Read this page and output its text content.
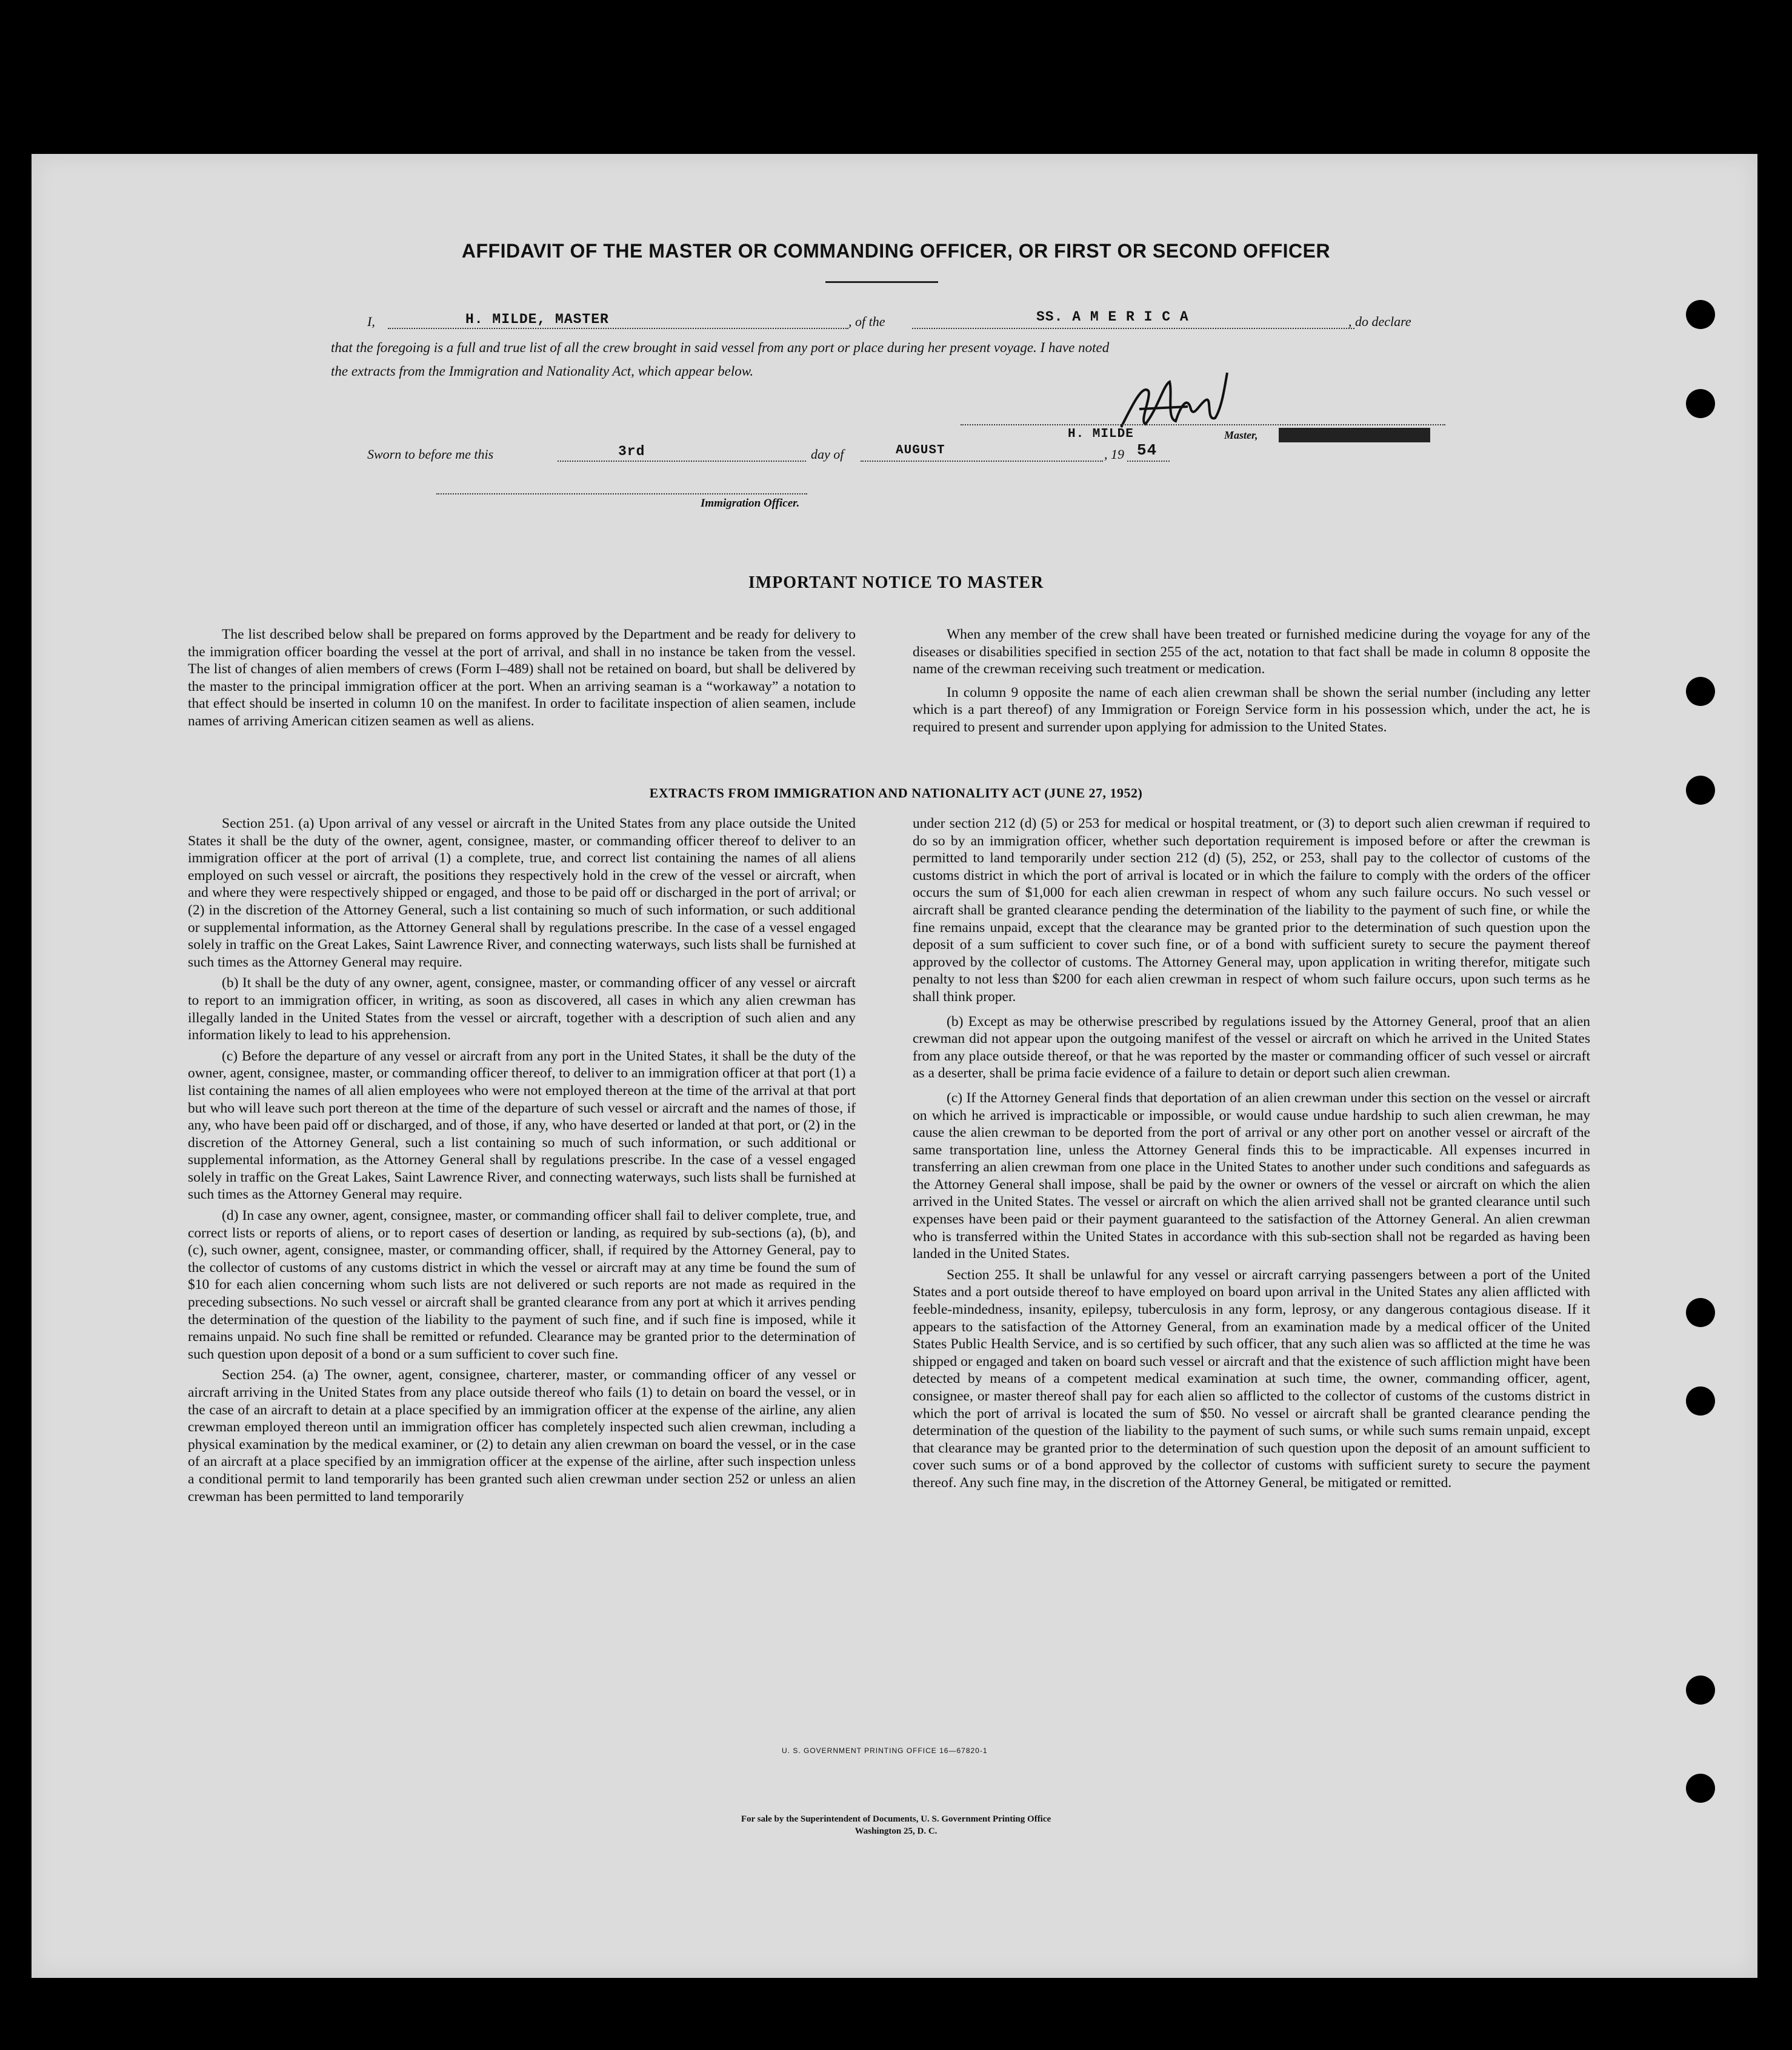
AFFIDAVIT OF THE MASTER OR COMMANDING OFFICER, OR FIRST OR SECOND OFFICER
I,	H. MILDE, MASTER	, of the	SS. A M E R I C A	, do declare
that the foregoing is a full and true list of all the crew brought in said vessel from any port or place during her present voyage. I have noted
the extracts from the Immigration and Nationality Act, which appear below.
H. MILDE	Master,
Sworn to before me this	3rd	day of	AUGUST	, 19 54
Immigration Officer.
IMPORTANT NOTICE TO MASTER

The list described below shall be prepared on forms approved by the Department and be ready for delivery to the immigration officer boarding the vessel at the port of arrival, and shall in no instance be taken from the vessel. The list of changes of alien members of crews (Form I–489) shall not be retained on board, but shall be delivered by the master to the principal immigration officer at the port. When an arriving seaman is a “workaway” a notation to that effect should be inserted in column 10 on the manifest. In order to facilitate inspection of alien seamen, include names of arriving American citizen seamen as well as aliens.

When any member of the crew shall have been treated or furnished medicine during the voyage for any of the diseases or disabilities specified in section 255 of the act, notation to that fact shall be made in column 8 opposite the name of the crewman receiving such treatment or medication.

In column 9 opposite the name of each alien crewman shall be shown the serial number (including any letter which is a part thereof) of any Immigration or Foreign Service form in his possession which, under the act, he is required to present and surrender upon applying for admission to the United States.

EXTRACTS FROM IMMIGRATION AND NATIONALITY ACT (JUNE 27, 1952)

Section 251. (a) Upon arrival of any vessel or aircraft in the United States from any place outside the United States it shall be the duty of the owner, agent, consignee, master, or commanding officer thereof to deliver to an immigration officer at the port of arrival (1) a complete, true, and correct list containing the names of all aliens employed on such vessel or aircraft, the positions they respectively hold in the crew of the vessel or aircraft, when and where they were respectively shipped or engaged, and those to be paid off or discharged in the port of arrival; or (2) in the discretion of the Attorney General, such a list containing so much of such information, or such additional or supplemental information, as the Attorney General shall by regulations prescribe. In the case of a vessel engaged solely in traffic on the Great Lakes, Saint Lawrence River, and connecting waterways, such lists shall be furnished at such times as the Attorney General may require.

(b) It shall be the duty of any owner, agent, consignee, master, or commanding officer of any vessel or aircraft to report to an immigration officer, in writing, as soon as discovered, all cases in which any alien crewman has illegally landed in the United States from the vessel or aircraft, together with a description of such alien and any information likely to lead to his apprehension.

(c) Before the departure of any vessel or aircraft from any port in the United States, it shall be the duty of the owner, agent, consignee, master, or commanding officer thereof, to deliver to an immigration officer at that port (1) a list containing the names of all alien employees who were not employed thereon at the time of the arrival at that port but who will leave such port thereon at the time of the departure of such vessel or aircraft and the names of those, if any, who have been paid off or discharged, and of those, if any, who have deserted or landed at that port, or (2) in the discretion of the Attorney General, such a list containing so much of such information, or such additional or supplemental information, as the Attorney General shall by regulations prescribe. In the case of a vessel engaged solely in traffic on the Great Lakes, Saint Lawrence River, and connecting waterways, such lists shall be furnished at such times as the Attorney General may require.

(d) In case any owner, agent, consignee, master, or commanding officer shall fail to deliver complete, true, and correct lists or reports of aliens, or to report cases of desertion or landing, as required by sub-sections (a), (b), and (c), such owner, agent, consignee, master, or commanding officer, shall, if required by the Attorney General, pay to the collector of customs of any customs district in which the vessel or aircraft may at any time be found the sum of $10 for each alien concerning whom such lists are not delivered or such reports are not made as required in the preceding subsections. No such vessel or aircraft shall be granted clearance from any port at which it arrives pending the determination of the question of the liability to the payment of such fine, and if such fine is imposed, while it remains unpaid. No such fine shall be remitted or refunded. Clearance may be granted prior to the determination of such question upon deposit of a bond or a sum sufficient to cover such fine.

Section 254. (a) The owner, agent, consignee, charterer, master, or commanding officer of any vessel or aircraft arriving in the United States from any place outside thereof who fails (1) to detain on board the vessel, or in the case of an aircraft to detain at a place specified by an immigration officer at the expense of the airline, any alien crewman employed thereon until an immigration officer has completely inspected such alien crewman, including a physical examination by the medical examiner, or (2) to detain any alien crewman on board the vessel, or in the case of an aircraft at a place specified by an immigration officer at the expense of the airline, after such inspection unless a conditional permit to land temporarily has been granted such alien crewman under section 252 or unless an alien crewman has been permitted to land temporarily

under section 212 (d) (5) or 253 for medical or hospital treatment, or (3) to deport such alien crewman if required to do so by an immigration officer, whether such deportation requirement is imposed before or after the crewman is permitted to land temporarily under section 212 (d) (5), 252, or 253, shall pay to the collector of customs of the customs district in which the port of arrival is located or in which the failure to comply with the orders of the officer occurs the sum of $1,000 for each alien crewman in respect of whom any such failure occurs. No such vessel or aircraft shall be granted clearance pending the determination of the liability to the payment of such fine, or while the fine remains unpaid, except that the clearance may be granted prior to the determination of such question upon the deposit of a sum sufficient to cover such fine, or of a bond with sufficient surety to secure the payment thereof approved by the collector of customs. The Attorney General may, upon application in writing therefor, mitigate such penalty to not less than $200 for each alien crewman in respect of whom such failure occurs, upon such terms as he shall think proper.

(b) Except as may be otherwise prescribed by regulations issued by the Attorney General, proof that an alien crewman did not appear upon the outgoing manifest of the vessel or aircraft on which he arrived in the United States from any place outside thereof, or that he was reported by the master or commanding officer of such vessel or aircraft as a deserter, shall be prima facie evidence of a failure to detain or deport such alien crewman.

(c) If the Attorney General finds that deportation of an alien crewman under this section on the vessel or aircraft on which he arrived is impracticable or impossible, or would cause undue hardship to such alien crewman, he may cause the alien crewman to be deported from the port of arrival or any other port on another vessel or aircraft of the same transportation line, unless the Attorney General finds this to be impracticable. All expenses incurred in transferring an alien crewman from one place in the United States to another under such conditions and safeguards as the Attorney General shall impose, shall be paid by the owner or owners of the vessel or aircraft on which the alien arrived in the United States. The vessel or aircraft on which the alien arrived shall not be granted clearance until such expenses have been paid or their payment guaranteed to the satisfaction of the Attorney General. An alien crewman who is transferred within the United States in accordance with this sub-section shall not be regarded as having been landed in the United States.

Section 255. It shall be unlawful for any vessel or aircraft carrying passengers between a port of the United States and a port outside thereof to have employed on board upon arrival in the United States any alien afflicted with feeble-mindedness, insanity, epilepsy, tuberculosis in any form, leprosy, or any dangerous contagious disease. If it appears to the satisfaction of the Attorney General, from an examination made by a medical officer of the United States Public Health Service, and is so certified by such officer, that any such alien was so afflicted at the time he was shipped or engaged and taken on board such vessel or aircraft and that the existence of such affliction might have been detected by means of a competent medical examination at such time, the owner, commanding officer, agent, consignee, or master thereof shall pay for each alien so afflicted to the collector of customs of the customs district in which the port of arrival is located the sum of $50. No vessel or aircraft shall be granted clearance pending the determination of the question of the liability to the payment of such sums, or while such sums remain unpaid, except that clearance may be granted prior to the determination of such question upon the deposit of an amount sufficient to cover such sums or of a bond approved by the collector of customs with sufficient surety to secure the payment thereof. Any such fine may, in the discretion of the Attorney General, be mitigated or remitted.

U. S. GOVERNMENT PRINTING OFFICE 16—67820-1
For sale by the Superintendent of Documents, U. S. Government Printing Office
Washington 25, D. C.
